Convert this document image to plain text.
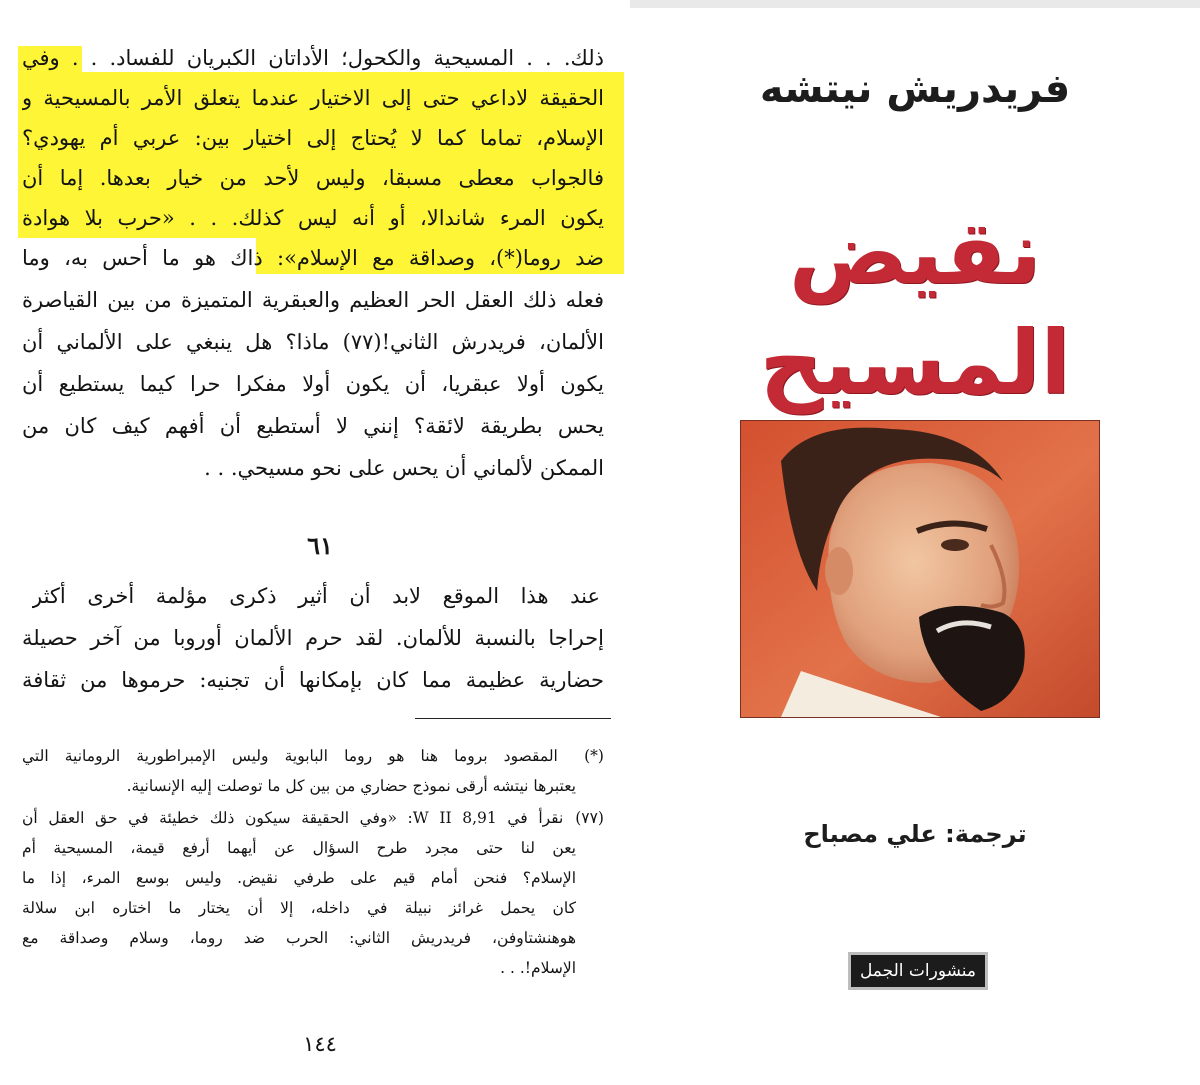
ذلك. . . المسيحية والكحول؛ الأداتان الكبريان للفساد. . . وفي
الحقيقة لاداعي حتى إلى الاختيار عندما يتعلق الأمر بالمسيحية و
الإسلام، تماما كما لا يُحتاج إلى اختيار بين: عربي أم يهودي؟
فالجواب معطى مسبقا، وليس لأحد من خيار بعدها. إما أن
يكون المرء شاندالا، أو أنه ليس كذلك. . . «حرب بلا هوادة
ضد روما(*)، وصداقة مع الإسلام»: ذاك هو ما أحس به، وما
فعله ذلك العقل الحر العظيم والعبقرية المتميزة من بين القياصرة
الألمان، فريدرش الثاني!(٧٧) ماذا؟ هل ينبغي على الألماني أن
يكون أولا عبقريا، أن يكون أولا مفكرا حرا كيما يستطيع أن
يحس بطريقة لائقة؟ إنني لا أستطيع أن أفهم كيف كان من
الممكن لألماني أن يحس على نحو مسيحي. . .
٦١
عند هذا الموقع لابد أن أثير ذكرى مؤلمة أخرى أكثر
إحراجا بالنسبة للألمان. لقد حرم الألمان أوروبا من آخر حصيلة
حضارية عظيمة مما كان بإمكانها أن تجنيه: حرموها من ثقافة
(*) المقصود بروما هنا هو روما البابوية وليس الإمبراطورية الرومانية التي
يعتبرها نيتشه أرقى نموذج حضاري من بين كل ما توصلت إليه الإنسانية.
(٧٧) نقرأ في W II 8,91: «وفي الحقيقة سيكون ذلك خطيئة في حق العقل أن
يعن لنا حتى مجرد طرح السؤال عن أيهما أرفع قيمة، المسيحية أم
الإسلام؟ فنحن أمام قيم على طرفي نقيض. وليس بوسع المرء، إذا ما
كان يحمل غرائز نبيلة في داخله، إلا أن يختار ما اختاره ابن سلالة
هوهنشتاوفن، فريدريش الثاني: الحرب ضد روما، وسلام وصداقة مع
الإسلام!. . .
١٤٤
فريدريش نيتشه
نقيض المسيح
ترجمة: علي مصباح
منشورات الجمل
